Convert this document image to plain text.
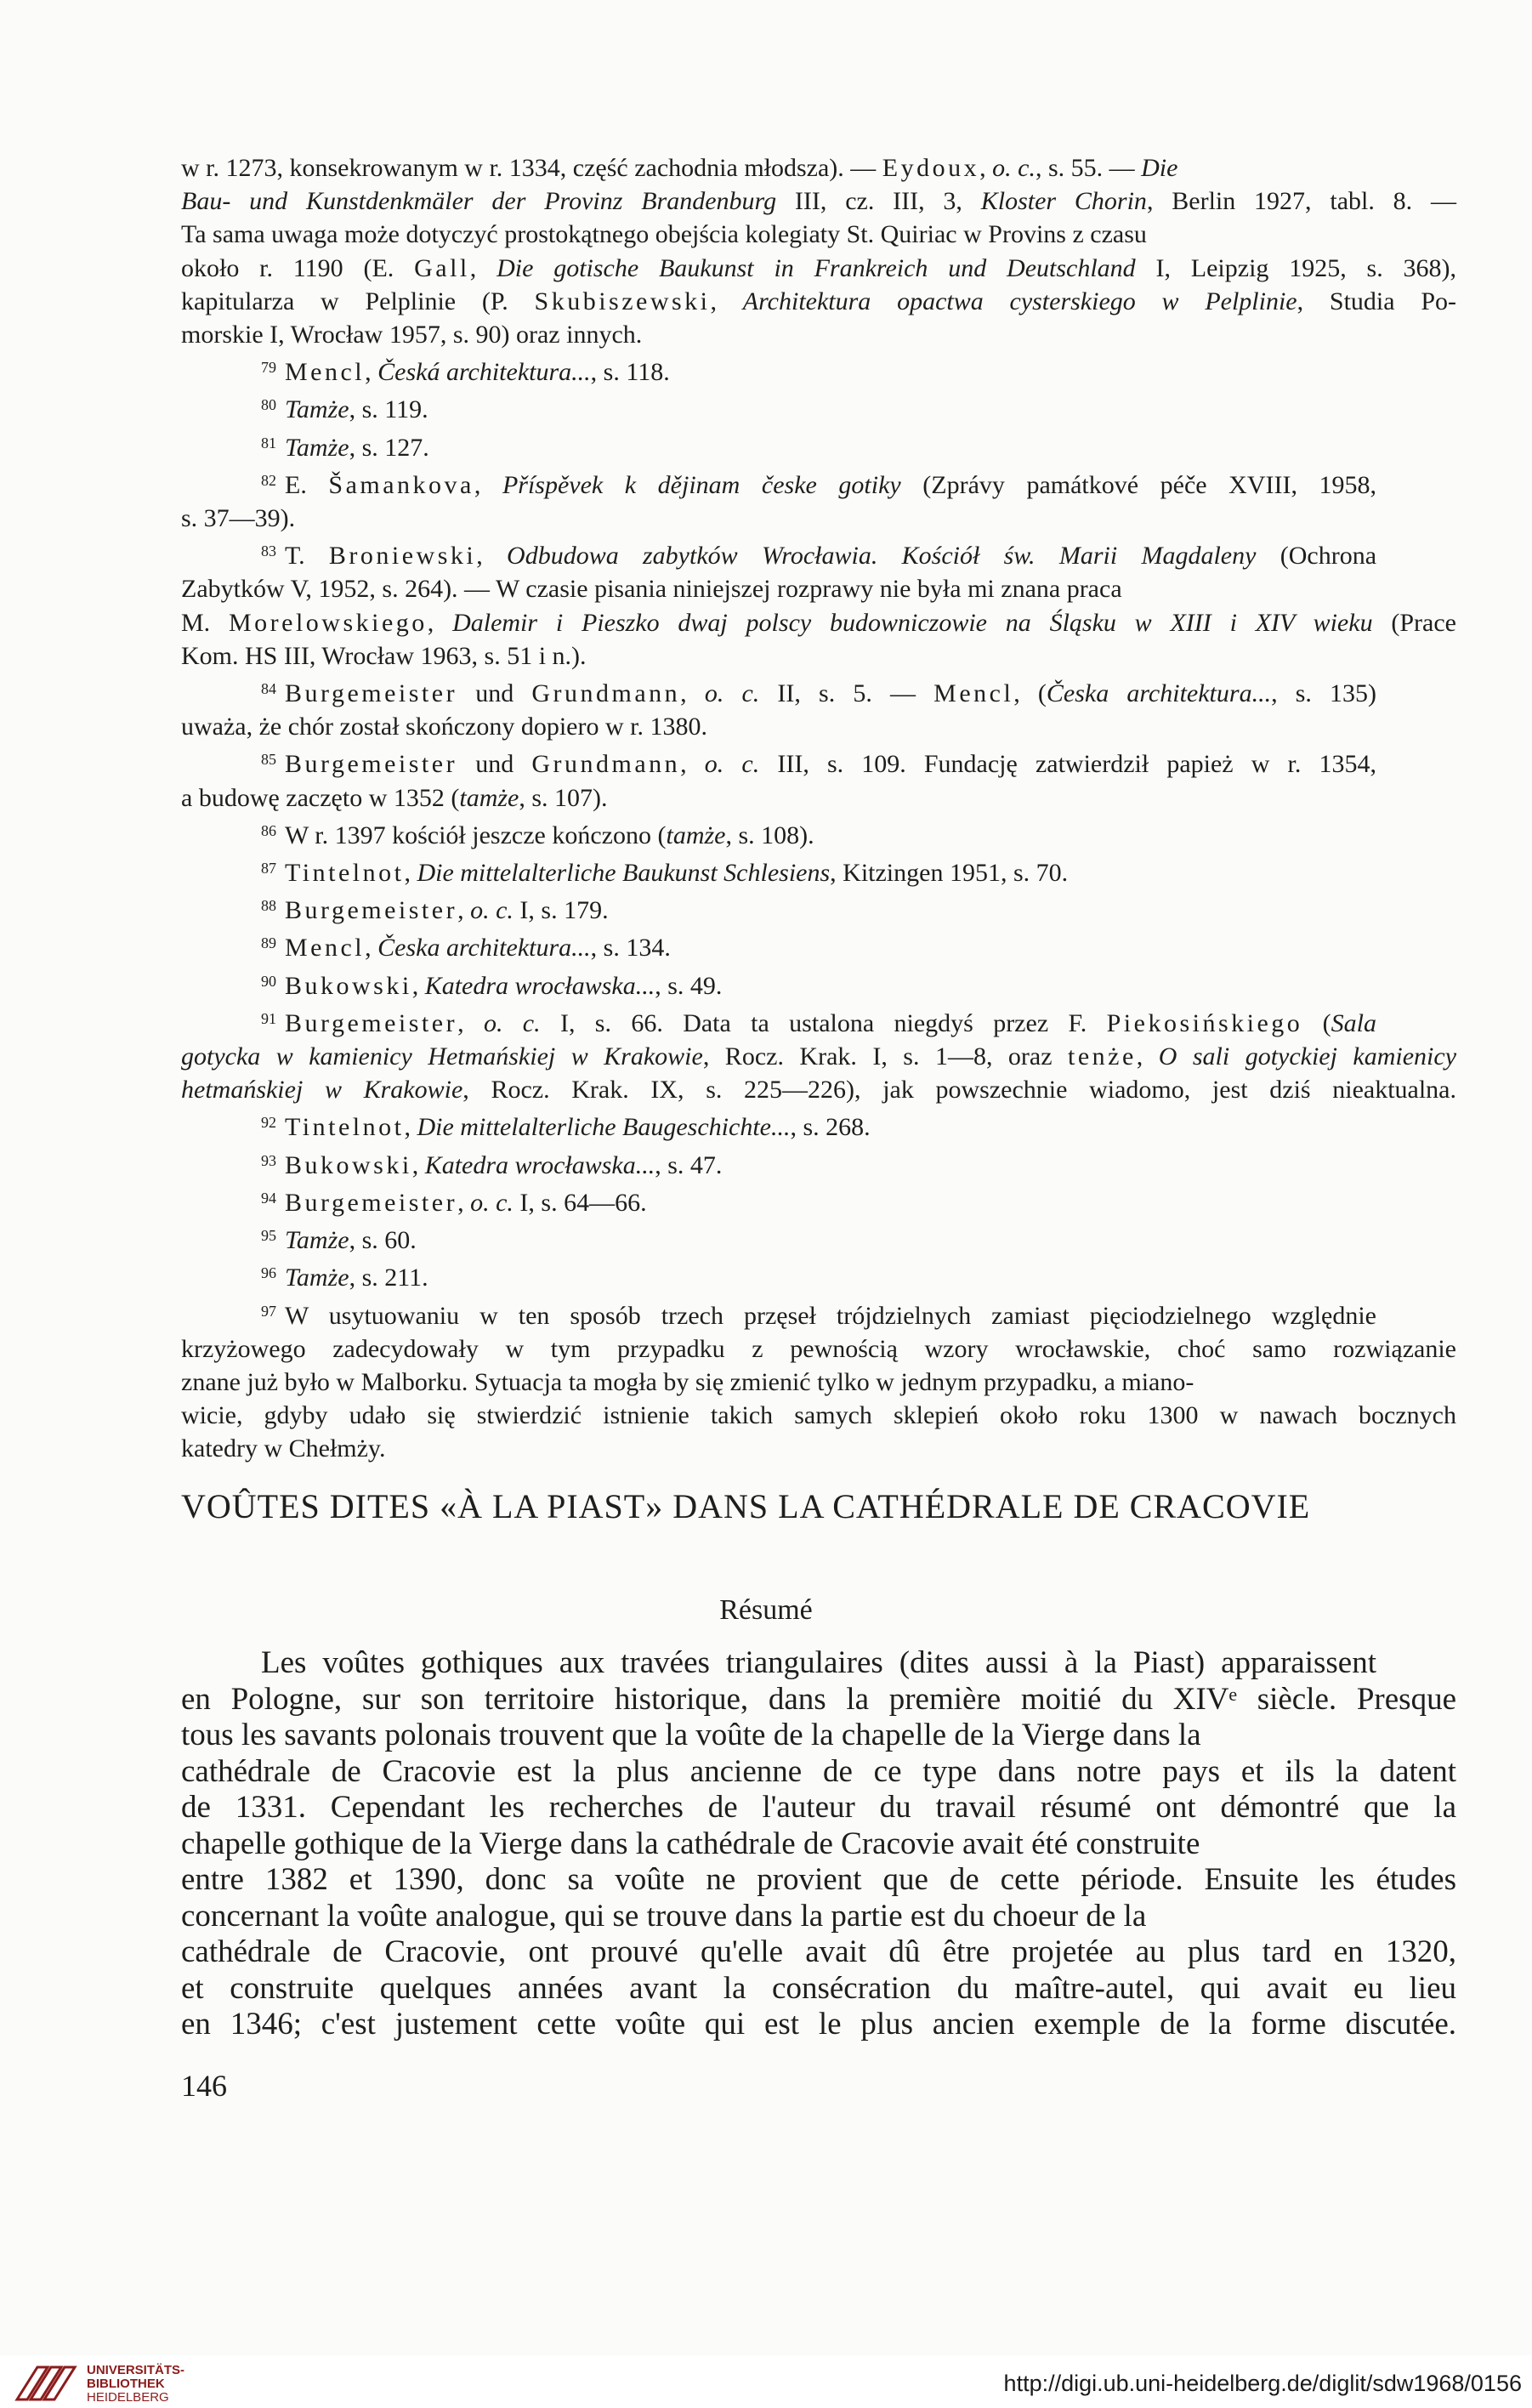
w r. 1273, konsekrowanym w r. 1334, część zachodnia młodsza). — Eydoux, o. c., s. 55. — Die
Bau- und Kunstdenkmäler der Provinz Brandenburg III, cz. III, 3, Kloster Chorin, Berlin 1927, tabl. 8. —
Ta sama uwaga może dotyczyć prostokątnego obejścia kolegiaty St. Quiriac w Provins z czasu
około r. 1190 (E. Gall, Die gotische Baukunst in Frankreich und Deutschland I, Leipzig 1925, s. 368),
kapitularza w Pelplinie (P. Skubiszewski, Architektura opactwa cysterskiego w Pelplinie, Studia Po-
morskie I, Wrocław 1957, s. 90) oraz innych.
$^{79}$ Mencl, Česká architektura..., s. 118.
$^{80}$ Tamże, s. 119.
$^{81}$ Tamże, s. 127.
$^{82}$ E. Šamankova, Příspěvek k dějinam česke gotiky (Zprávy památkové péče XVIII, 1958,
s. 37—39).
$^{83}$ T. Broniewski, Odbudowa zabytków Wrocławia. Kościół św. Marii Magdaleny (Ochrona
Zabytków V, 1952, s. 264). — W czasie pisania niniejszej rozprawy nie była mi znana praca
M. Morelowskiego, Dalemir i Pieszko dwaj polscy budowniczowie na Śląsku w XIII i XIV wieku (Prace
Kom. HS III, Wrocław 1963, s. 51 i n.).
$^{84}$ Burgemeister und Grundmann, o. c. II, s. 5. — Mencl, (Česka architektura..., s. 135)
uważa, że chór został skończony dopiero w r. 1380.
$^{85}$ Burgemeister und Grundmann, o. c. III, s. 109. Fundację zatwierdził papież w r. 1354,
a budowę zaczęto w 1352 (tamże, s. 107).
$^{86}$ W r. 1397 kościół jeszcze kończono (tamże, s. 108).
$^{87}$ Tintelnot, Die mittelalterliche Baukunst Schlesiens, Kitzingen 1951, s. 70.
$^{88}$ Burgemeister, o. c. I, s. 179.
$^{89}$ Mencl, Česka architektura..., s. 134.
$^{90}$ Bukowski, Katedra wrocławska..., s. 49.
$^{91}$ Burgemeister, o. c. I, s. 66. Data ta ustalona niegdyś przez F. Piekosińskiego (Sala
gotycka w kamienicy Hetmańskiej w Krakowie, Rocz. Krak. I, s. 1—8, oraz tenże, O sali gotyckiej kamienicy
hetmańskiej w Krakowie, Rocz. Krak. IX, s. 225—226), jak powszechnie wiadomo, jest dziś nieaktualna.
$^{92}$ Tintelnot, Die mittelalterliche Baugeschichte..., s. 268.
$^{93}$ Bukowski, Katedra wrocławska..., s. 47.
$^{94}$ Burgemeister, o. c. I, s. 64—66.
$^{95}$ Tamże, s. 60.
$^{96}$ Tamże, s. 211.
$^{97}$ W usytuowaniu w ten sposób trzech przęseł trójdzielnych zamiast pięciodzielnego względnie
krzyżowego zadecydowały w tym przypadku z pewnością wzory wrocławskie, choć samo rozwiązanie
znane już było w Malborku. Sytuacja ta mogła by się zmienić tylko w jednym przypadku, a miano-
wicie, gdyby udało się stwierdzić istnienie takich samych sklepień około roku 1300 w nawach bocznych
katedry w Chełmży.
VOÛTES DITES «À LA PIAST» DANS LA CATHÉDRALE DE CRACOVIE
Résumé
Les voûtes gothiques aux travées triangulaires (dites aussi à la Piast) apparaissent
en Pologne, sur son territoire historique, dans la première moitié du XIVᵉ siècle. Presque
tous les savants polonais trouvent que la voûte de la chapelle de la Vierge dans la
cathédrale de Cracovie est la plus ancienne de ce type dans notre pays et ils la datent
de 1331. Cependant les recherches de l'auteur du travail résumé ont démontré que la
chapelle gothique de la Vierge dans la cathédrale de Cracovie avait été construite
entre 1382 et 1390, donc sa voûte ne provient que de cette période. Ensuite les études
concernant la voûte analogue, qui se trouve dans la partie est du choeur de la
cathédrale de Cracovie, ont prouvé qu'elle avait dû être projetée au plus tard en 1320,
et construite quelques années avant la consécration du maître-autel, qui avait eu lieu
en 1346; c'est justement cette voûte qui est le plus ancien exemple de la forme discutée.
146
UNIVERSITÄTS-
BIBLIOTHEK
HEIDELBERG
http://digi.ub.uni-heidelberg.de/diglit/sdw1968/0156
